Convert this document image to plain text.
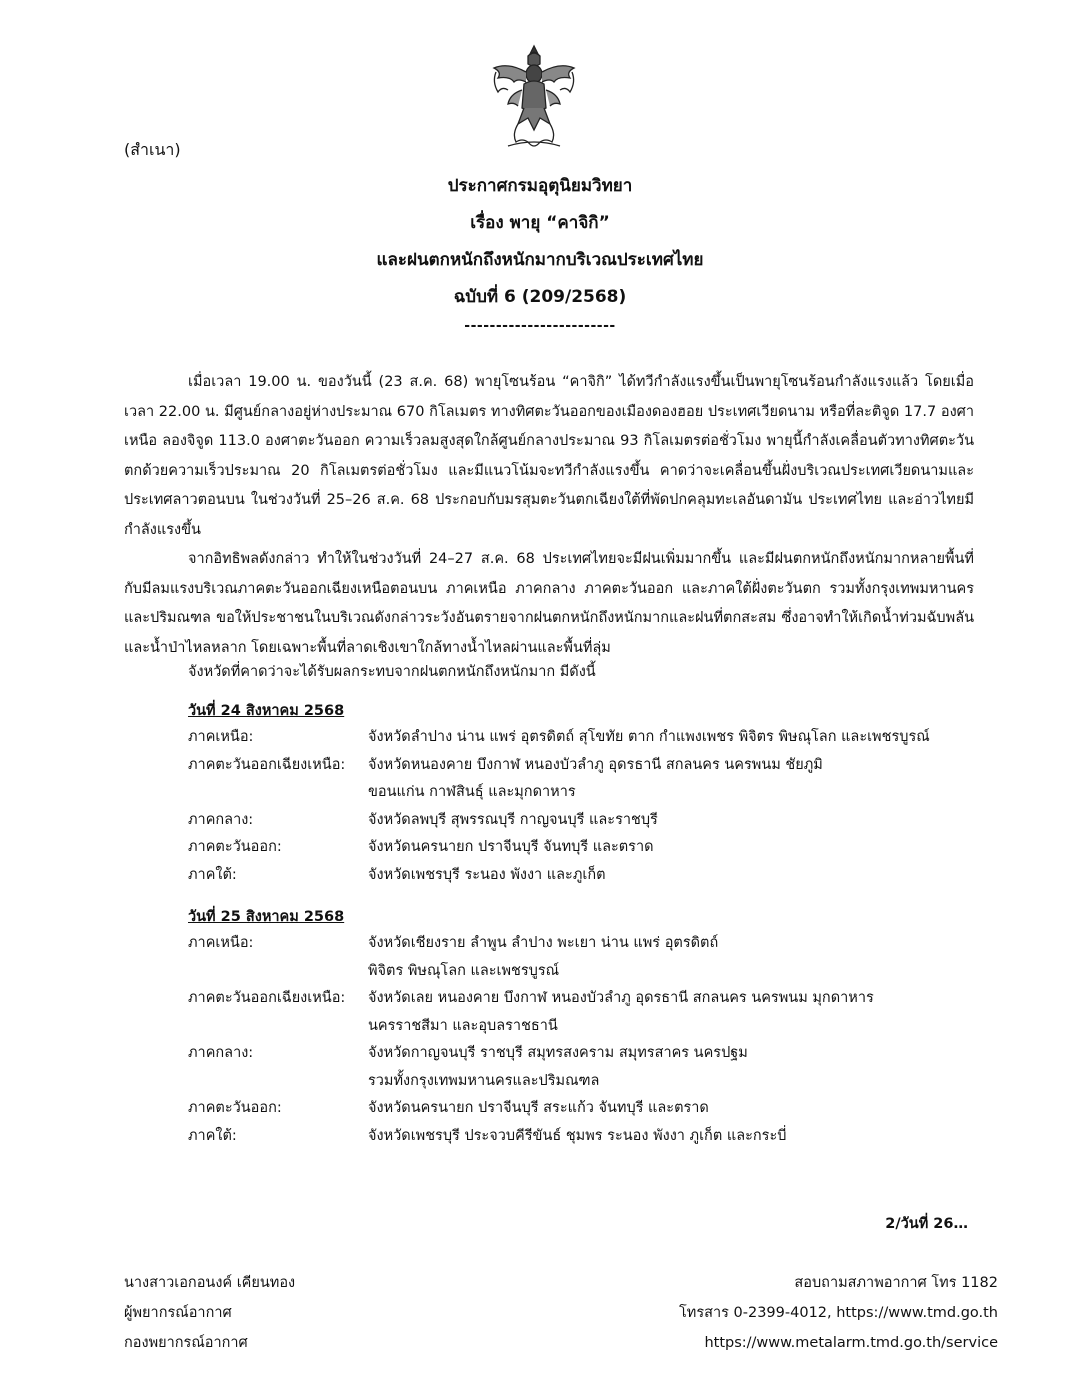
(สำเนา)
ประกาศกรมอุตุนิยมวิทยา
เรื่อง พายุ “คาจิกิ”
และฝนตกหนักถึงหนักมากบริเวณประเทศไทย
ฉบับที่ 6 (209/2568)
------------------------

เมื่อเวลา 19.00 น. ของวันนี้ (23 ส.ค. 68) พายุโซนร้อน “คาจิกิ” ได้ทวีกำลังแรงขึ้นเป็นพายุโซนร้อนกำลังแรงแล้ว โดยเมื่อเวลา 22.00 น. มีศูนย์กลางอยู่ห่างประมาณ 670 กิโลเมตร ทางทิศตะวันออกของเมืองดองฮอย ประเทศเวียดนาม หรือที่ละติจูด 17.7 องศาเหนือ ลองจิจูด 113.0 องศาตะวันออก ความเร็วลมสูงสุดใกล้ศูนย์กลางประมาณ 93 กิโลเมตรต่อชั่วโมง พายุนี้กำลังเคลื่อนตัวทางทิศตะวันตกด้วยความเร็วประมาณ 20 กิโลเมตรต่อชั่วโมง และมีแนวโน้มจะทวีกำลังแรงขึ้น คาดว่าจะเคลื่อนขึ้นฝั่งบริเวณประเทศเวียดนามและประเทศลาวตอนบน ในช่วงวันที่ 25–26 ส.ค. 68 ประกอบกับมรสุมตะวันตกเฉียงใต้ที่พัดปกคลุมทะเลอันดามัน ประเทศไทย และอ่าวไทยมีกำลังแรงขึ้น

จากอิทธิพลดังกล่าว ทำให้ในช่วงวันที่ 24–27 ส.ค. 68 ประเทศไทยจะมีฝนเพิ่มมากขึ้น และมีฝนตกหนักถึงหนักมากหลายพื้นที่ กับมีลมแรงบริเวณภาคตะวันออกเฉียงเหนือตอนบน ภาคเหนือ ภาคกลาง ภาคตะวันออก และภาคใต้ฝั่งตะวันตก รวมทั้งกรุงเทพมหานครและปริมณฑล ขอให้ประชาชนในบริเวณดังกล่าวระวังอันตรายจากฝนตกหนักถึงหนักมากและฝนที่ตกสะสม ซึ่งอาจทำให้เกิดน้ำท่วมฉับพลัน และน้ำป่าไหลหลาก โดยเฉพาะพื้นที่ลาดเชิงเขาใกล้ทางน้ำไหลผ่านและพื้นที่ลุ่ม

จังหวัดที่คาดว่าจะได้รับผลกระทบจากฝนตกหนักถึงหนักมาก มีดังนี้
วันที่ 24 สิงหาคม 2568
ภาคเหนือ:	จังหวัดลำปาง น่าน แพร่ อุตรดิตถ์ สุโขทัย ตาก กำแพงเพชร พิจิตร พิษณุโลก และเพชรบูรณ์
ภาคตะวันออกเฉียงเหนือ:	จังหวัดหนองคาย บึงกาฬ หนองบัวลำภู อุดรธานี สกลนคร นครพนม ชัยภูมิ
ขอนแก่น กาฬสินธุ์ และมุกดาหาร
ภาคกลาง:	จังหวัดลพบุรี สุพรรณบุรี กาญจนบุรี และราชบุรี
ภาคตะวันออก:	จังหวัดนครนายก ปราจีนบุรี จันทบุรี และตราด
ภาคใต้:	จังหวัดเพชรบุรี ระนอง พังงา และภูเก็ต
วันที่ 25 สิงหาคม 2568
ภาคเหนือ:	จังหวัดเชียงราย ลำพูน ลำปาง พะเยา น่าน แพร่ อุตรดิตถ์
พิจิตร พิษณุโลก และเพชรบูรณ์
ภาคตะวันออกเฉียงเหนือ:	จังหวัดเลย หนองคาย บึงกาฬ หนองบัวลำภู อุดรธานี สกลนคร นครพนม มุกดาหาร
นครราชสีมา และอุบลราชธานี
ภาคกลาง:	จังหวัดกาญจนบุรี ราชบุรี สมุทรสงคราม สมุทรสาคร นครปฐม
รวมทั้งกรุงเทพมหานครและปริมณฑล
ภาคตะวันออก:	จังหวัดนครนายก ปราจีนบุรี สระแก้ว จันทบุรี และตราด
ภาคใต้:	จังหวัดเพชรบุรี ประจวบคีรีขันธ์ ชุมพร ระนอง พังงา ภูเก็ต และกระบี่
2/วันที่ 26…
นางสาวเอกอนงค์ เคียนทอง
ผู้พยากรณ์อากาศ
กองพยากรณ์อากาศ
สอบถามสภาพอากาศ โทร 1182
โทรสาร 0-2399-4012, https://www.tmd.go.th
https://www.metalarm.tmd.go.th/service
